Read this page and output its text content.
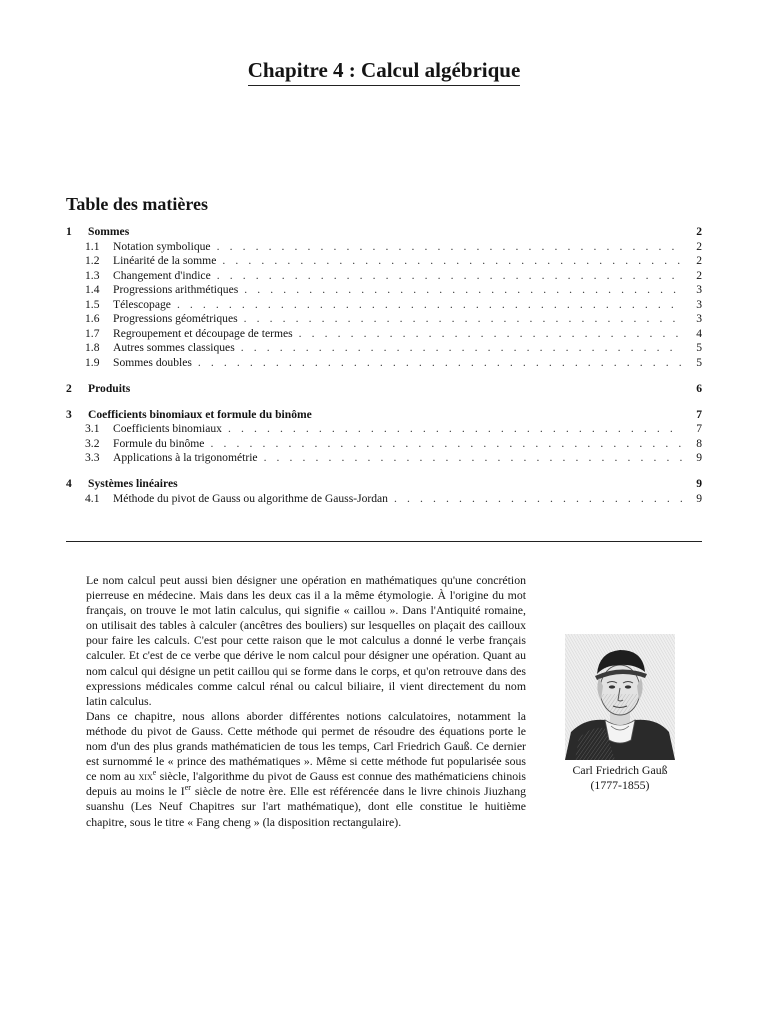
Chapitre 4 : Calcul algébrique
Table des matières
1	Sommes	2
1.1	Notation symbolique . . .	2
1.2	Linéarité de la somme . . .	2
1.3	Changement d'indice . . .	2
1.4	Progressions arithmétiques . . .	3
1.5	Télescopage . . .	3
1.6	Progressions géométriques . . .	3
1.7	Regroupement et découpage de termes . . .	4
1.8	Autres sommes classiques . . .	5
1.9	Sommes doubles . . .	5
2	Produits	6
3	Coefficients binomiaux et formule du binôme	7
3.1	Coefficients binomiaux . . .	7
3.2	Formule du binôme . . .	8
3.3	Applications à la trigonométrie . . .	9
4	Systèmes linéaires	9
4.1	Méthode du pivot de Gauss ou algorithme de Gauss-Jordan . . .	9

Le nom calcul peut aussi bien désigner une opération en mathématiques qu'une concrétion pierreuse en médecine. Mais dans les deux cas il a la même étymologie. À l'origine du mot français, on trouve le mot latin calculus, qui signifie « caillou ». Dans l'Antiquité romaine, on utilisait des tables à calculer (ancêtres des bouliers) sur lesquelles on plaçait des cailloux pour faire les calculs. C'est pour cette raison que le mot calculus a donné le verbe français calculer. Et c'est de ce verbe que dérive le nom calcul pour désigner une opération. Quant au nom calcul qui désigne un petit caillou qui se forme dans le corps, et qu'on retrouve dans des expressions médicales comme calcul rénal ou calcul biliaire, il vient directement du nom latin calculus.

Dans ce chapitre, nous allons aborder différentes notions calculatoires, notamment la méthode du pivot de Gauss. Cette méthode qui permet de résoudre des équations porte le nom d'un des plus grands mathématicien de tous les temps, Carl Friedrich Gauß. Ce dernier est surnommé le « prince des mathématiques ». Même si cette méthode fut popularisée sous ce nom au xix$^e$ siècle, l'algorithme du pivot de Gauss est connue des mathématiciens chinois depuis au moins le Ier siècle de notre ère. Elle est référencée dans le livre chinois Jiuzhang suanshu (Les Neuf Chapitres sur l'art mathématique), dont elle constitue le huitième chapitre, sous le titre « Fang cheng » (la disposition rectangulaire).

Carl Friedrich Gauß
(1777-1855)
